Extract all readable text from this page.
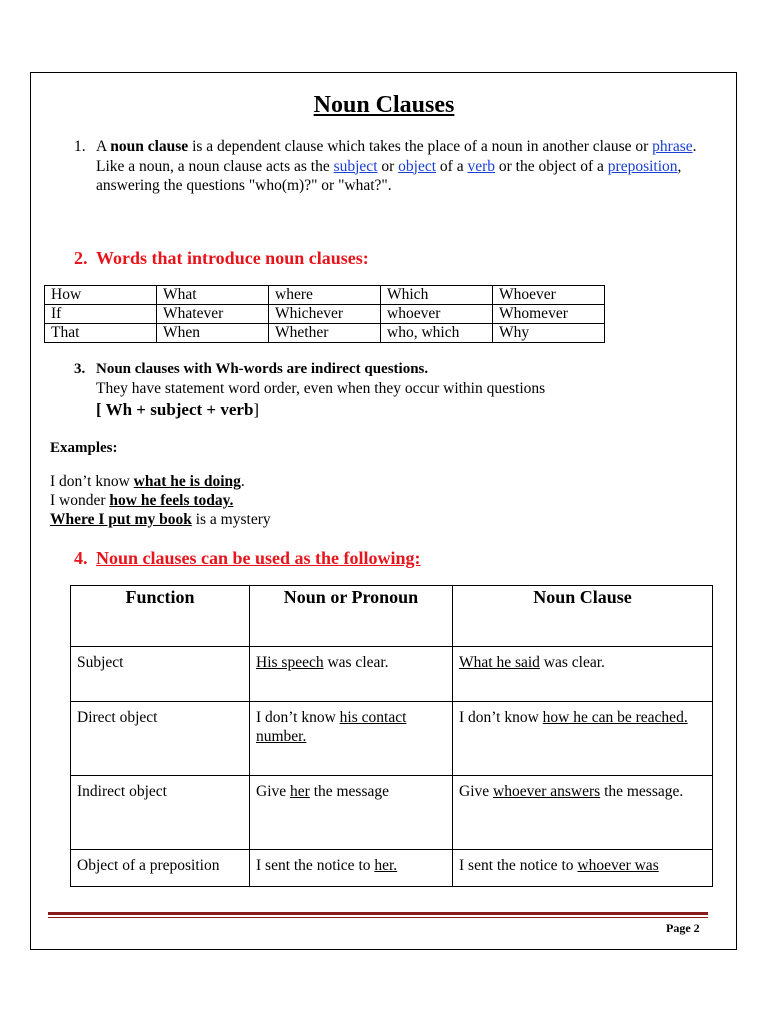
Noun Clauses
1. A noun clause is a dependent clause which takes the place of a noun in another clause or phrase. Like a noun, a noun clause acts as the subject or object of a verb or the object of a preposition, answering the questions "who(m)?" or "what?".
2. Words that introduce noun clauses:
How	What	where	Which	Whoever
If	Whatever	Whichever	whoever	Whomever
That	When	Whether	who, which	Why
3. Noun clauses with Wh-words are indirect questions.
They have statement word order, even when they occur within questions
[ Wh + subject + verb]
Examples:
I don’t know what he is doing.
I wonder how he feels today.
Where I put my book is a mystery
4. Noun clauses can be used as the following:
Function	Noun or Pronoun	Noun Clause
Subject	His speech was clear.	What he said was clear.
Direct object	I don’t know his contact number.	I don’t know how he can be reached.
Indirect object	Give her the message	Give whoever answers the message.
Object of a preposition	I sent the notice to her.	I sent the notice to whoever was
Page 2
